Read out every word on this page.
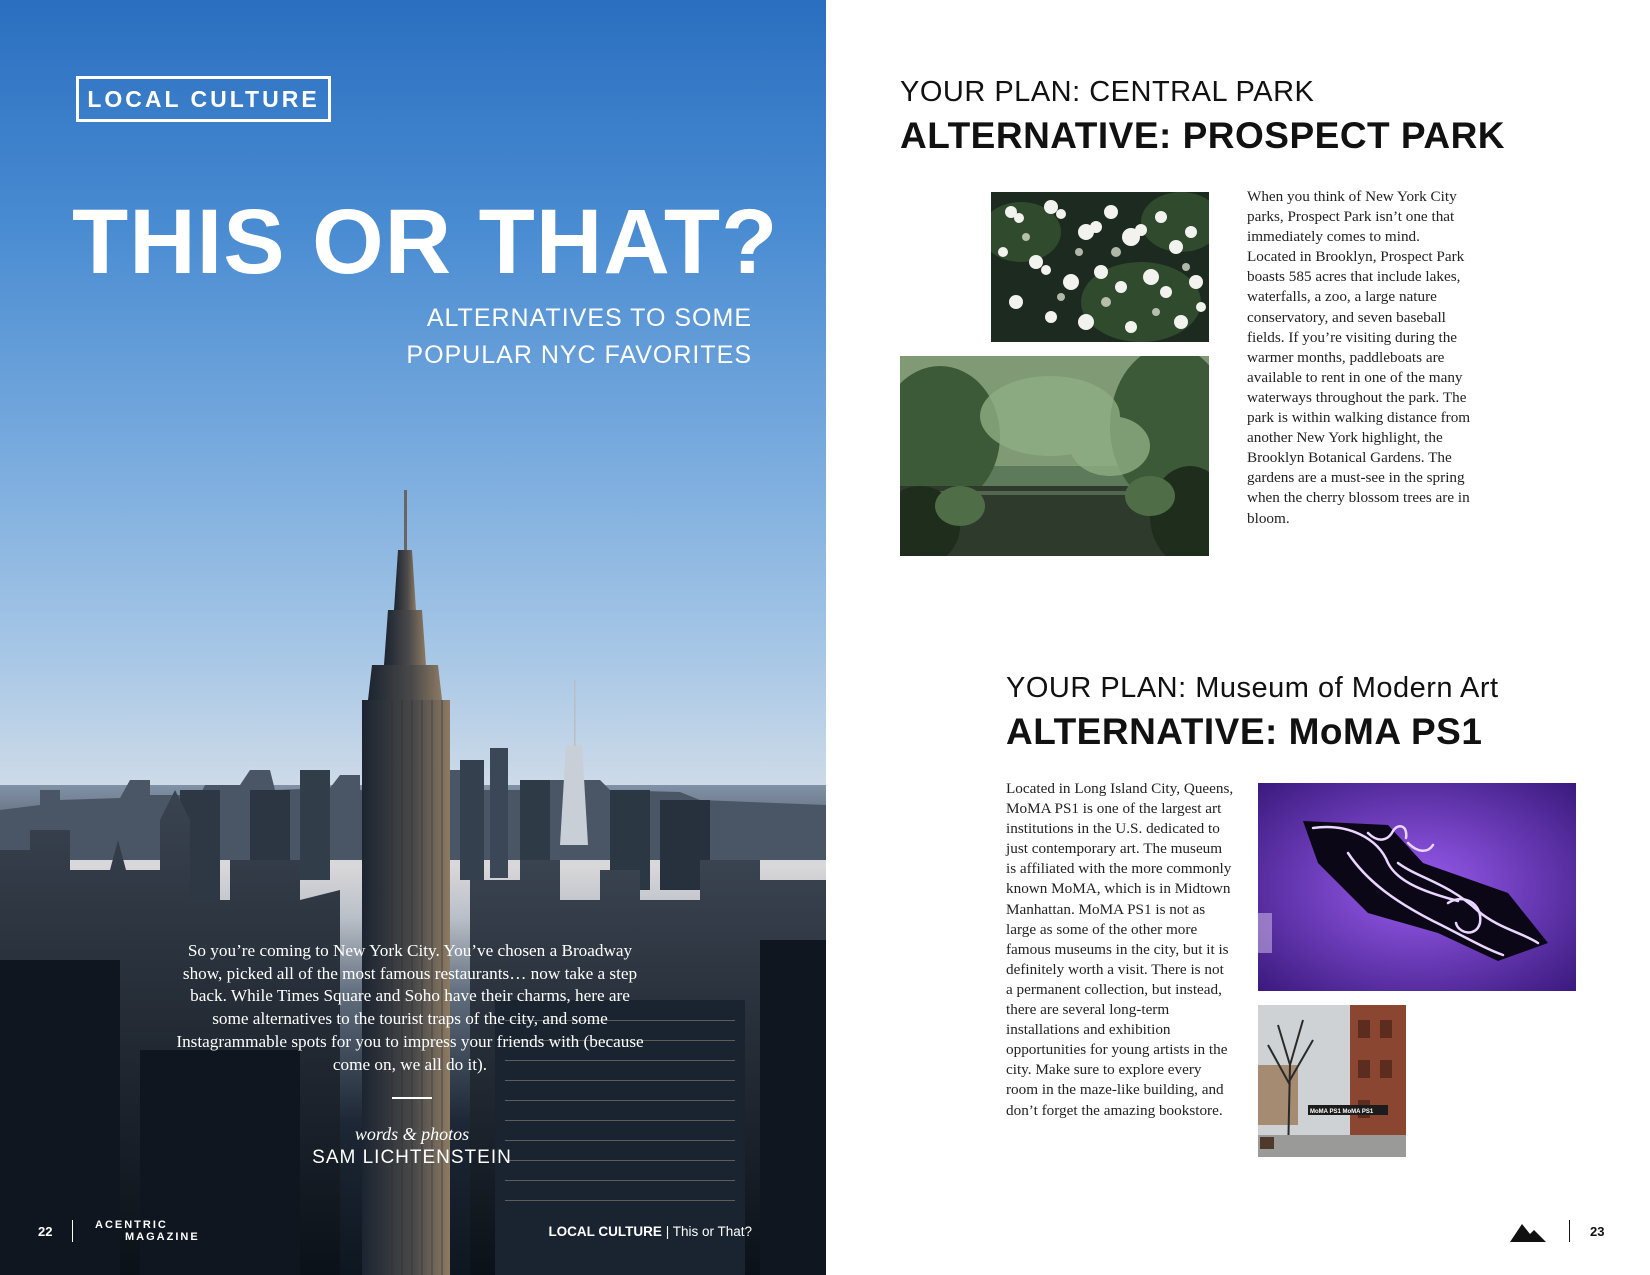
LOCAL CULTURE
THIS OR THAT?
ALTERNATIVES TO SOME
POPULAR NYC FAVORITES
So you’re coming to New York City. You’ve chosen a Broadway show, picked all of the most famous restaurants… now take a step back. While Times Square and Soho have their charms, here are some alternatives to the tourist traps of the city, and some Instagrammable spots for you to impress your friends with (because come on, we all do it).
words & photos
SAM LICHTENSTEIN
22	ACENTRIC
MAGAZINE	LOCAL CULTURE | This or That?
YOUR PLAN: CENTRAL PARK
ALTERNATIVE: PROSPECT PARK
When you think of New York City parks, Prospect Park isn’t one that immediately comes to mind. Located in Brooklyn, Prospect Park boasts 585 acres that include lakes, waterfalls, a zoo, a large nature conservatory, and seven baseball fields. If you’re visiting during the warmer months, paddleboats are available to rent in one of the many waterways throughout the park. The park is within walking distance from another New York highlight, the Brooklyn Botanical Gardens. The gardens are a must-see in the spring when the cherry blossom trees are in bloom.
YOUR PLAN: Museum of Modern Art
ALTERNATIVE: MoMA PS1
Located in Long Island City, Queens, MoMA PS1 is one of the largest art institutions in the U.S. dedicated to just contemporary art. The museum is affiliated with the more commonly known MoMA, which is in Midtown Manhattan. MoMA PS1 is not as large as some of the other more famous museums in the city, but it is definitely worth a visit. There is not a permanent collection, but instead, there are several long-term installations and exhibition opportunities for young artists in the city. Make sure to explore every room in the maze-like building, and don’t forget the amazing bookstore.	MoMA PS1 MoMA PS1
23
